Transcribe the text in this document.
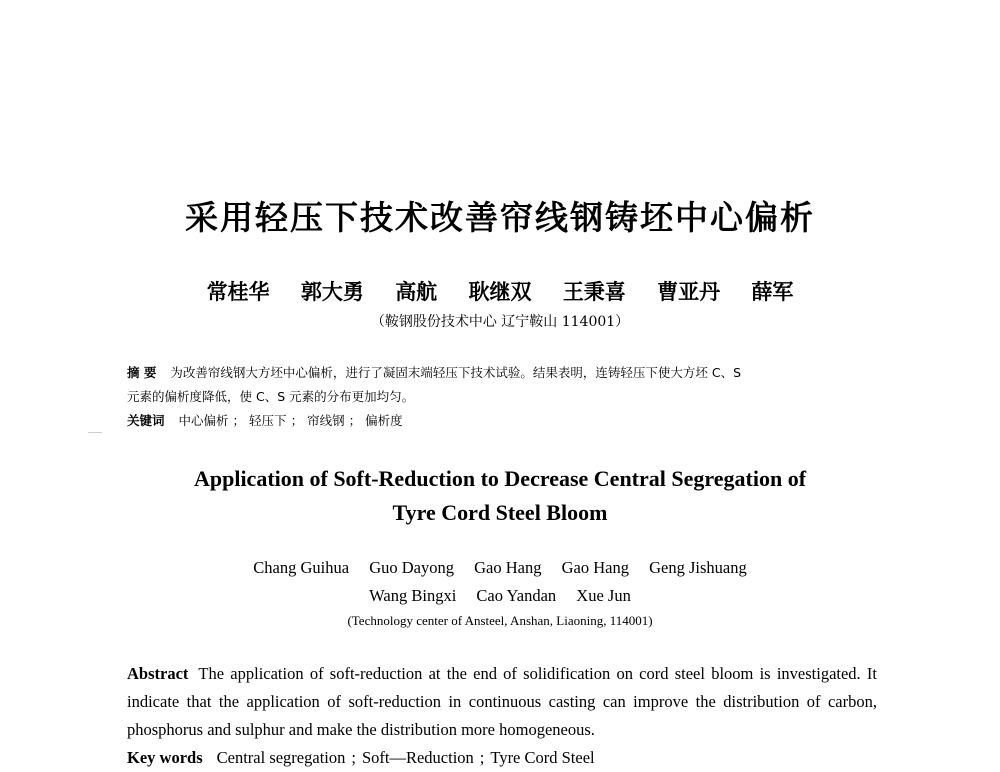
采用轻压下技术改善帘线钢铸坯中心偏析
常桂华 郭大勇 高航 耿继双 王秉喜 曹亚丹 薛军
（鞍钢股份技术中心 辽宁鞍山 114001）
摘 要 为改善帘线钢大方坯中心偏析，进行了凝固末端轻压下技术试验。结果表明，连铸轻压下使大方坯 C、S
元素的偏析度降低，使 C、S 元素的分布更加均匀。
关键词 中心偏析 ； 轻压下 ； 帘线钢 ； 偏析度
Application of Soft-Reduction to Decrease Central Segregation of
Tyre Cord Steel Bloom
Chang Guihua Guo Dayong Gao Hang Gao Hang Geng Jishuang
Wang Bingxi Cao Yandan Xue Jun
(Technology center of Ansteel, Anshan, Liaoning, 114001)
Abstract The application of soft-reduction at the end of solidification on cord steel bloom is investigated. It indicate that the application of soft-reduction in continuous casting can improve the distribution of carbon, phosphorus and sulphur and make the distribution more homogeneous.
Key words Central segregation ; Soft—Reduction ; Tyre Cord Steel
